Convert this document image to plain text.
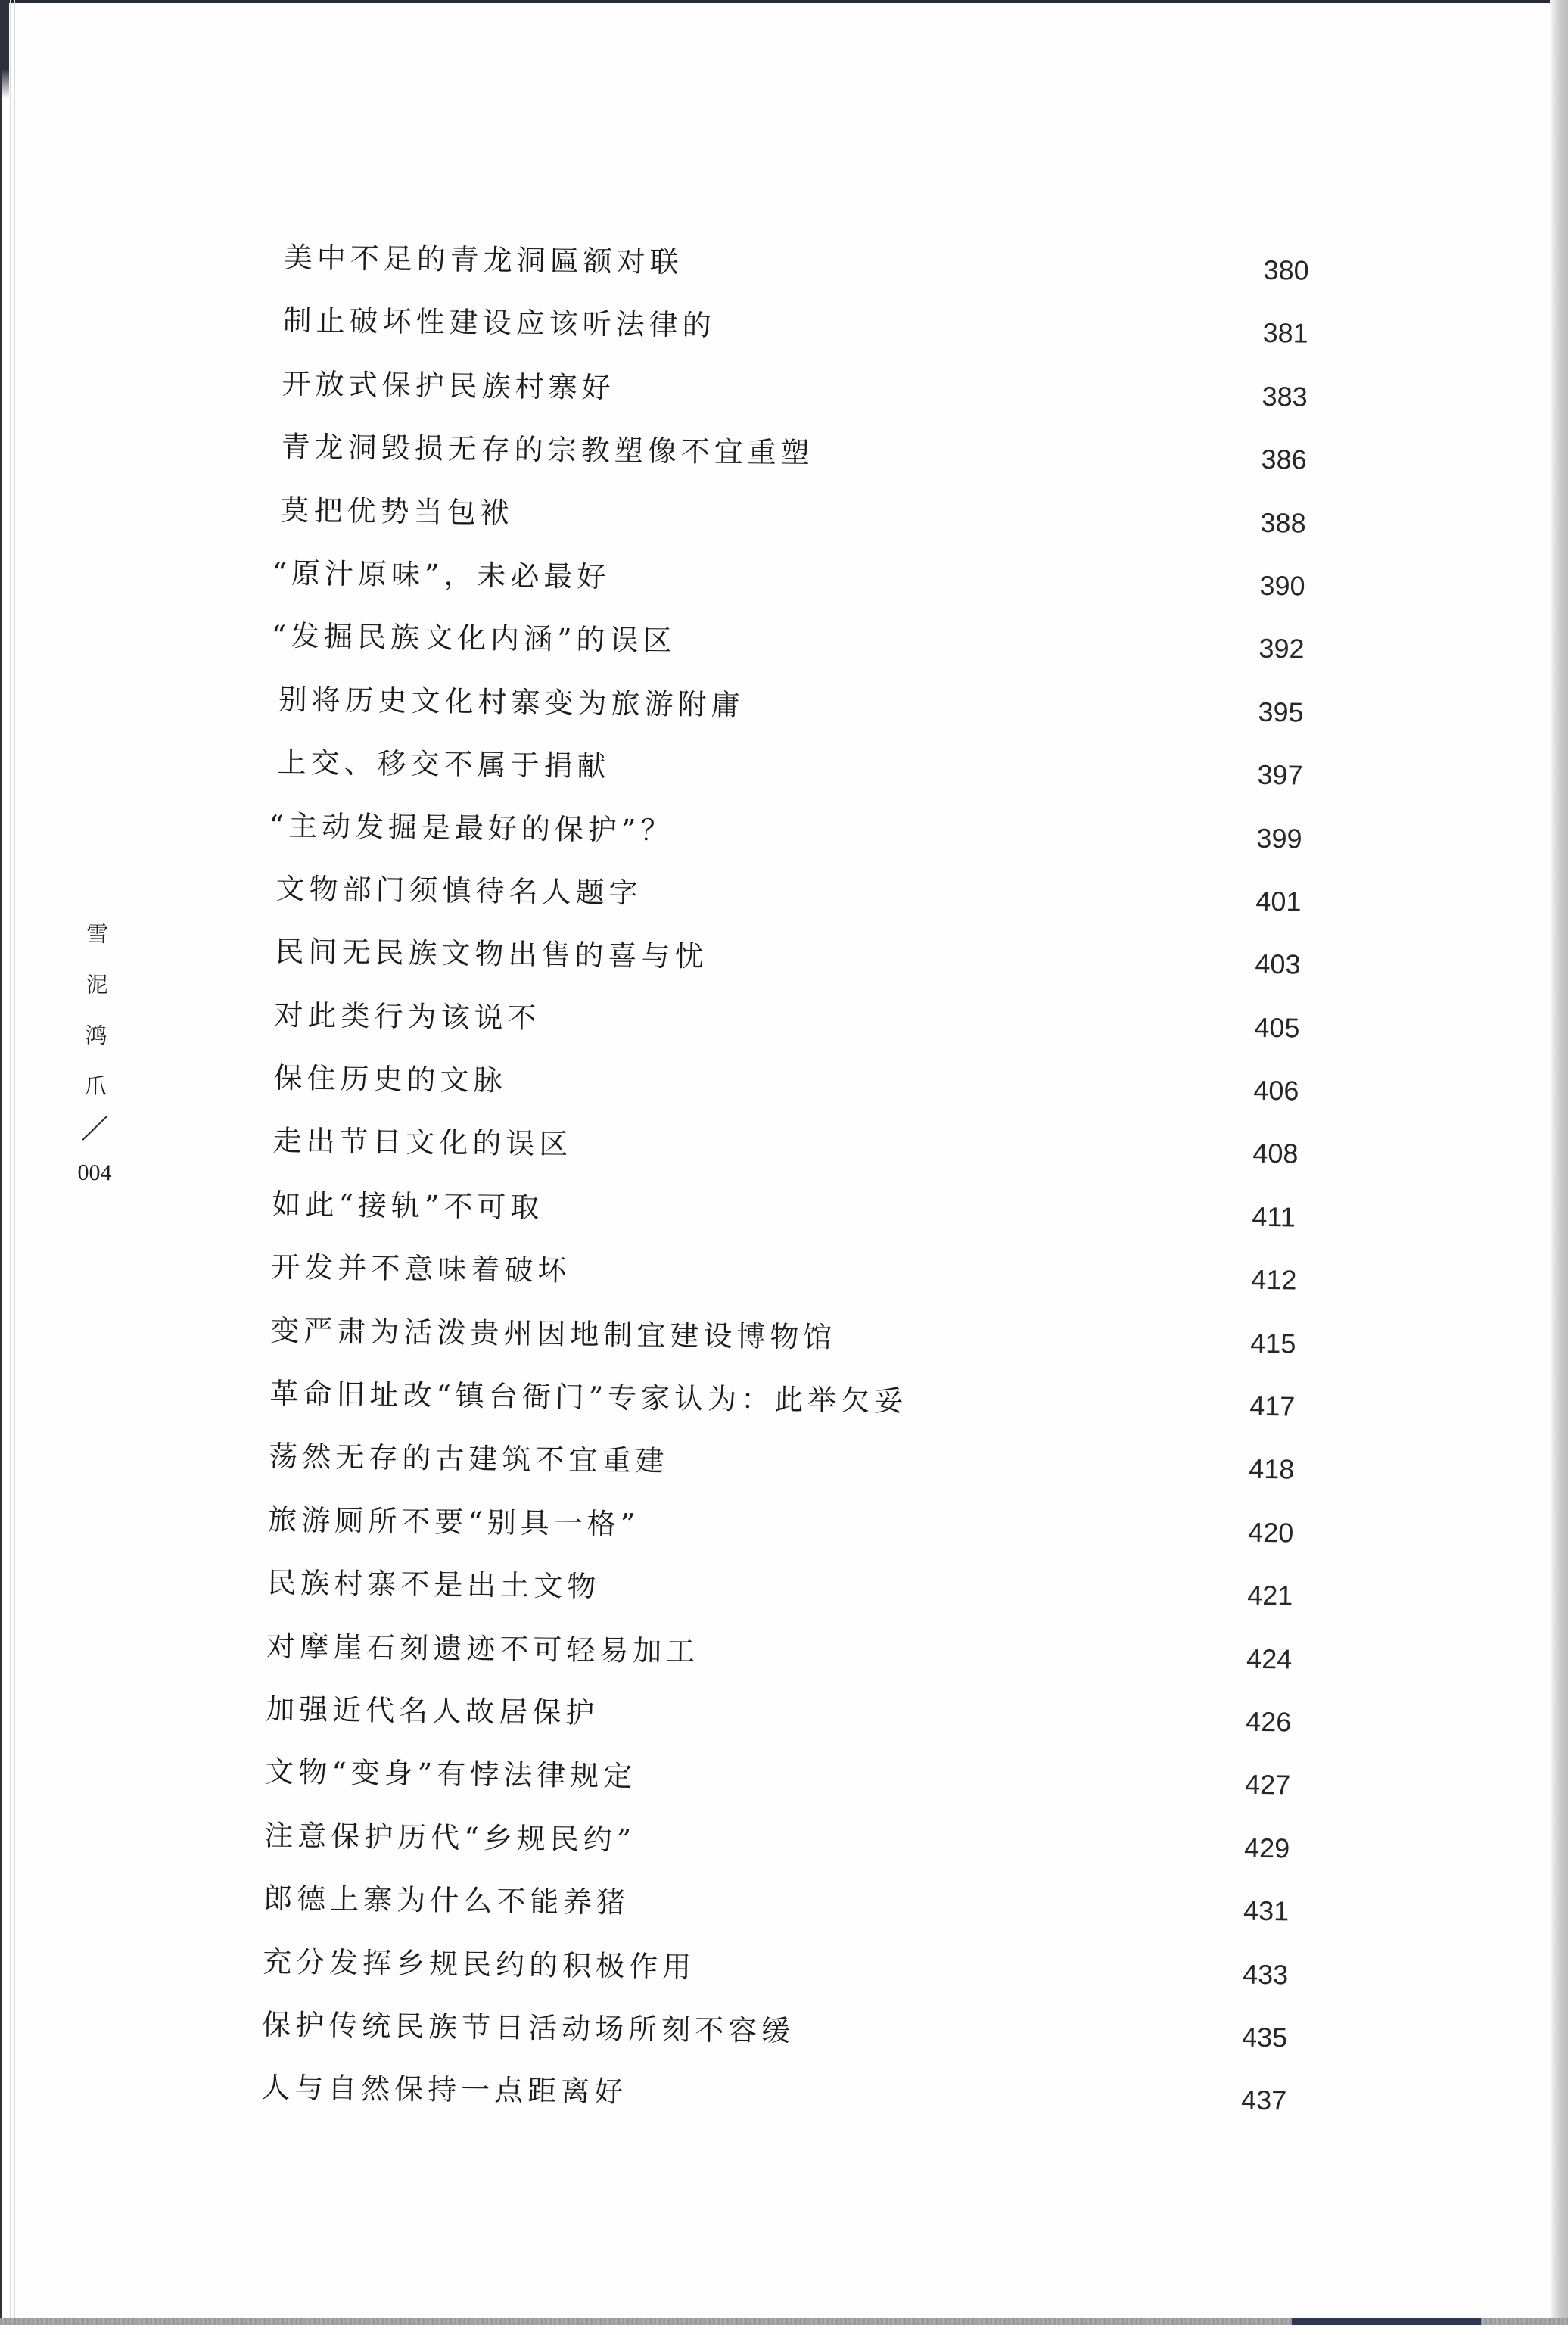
雪
泥
鸿
爪
004
美中不足的青龙洞匾额对联	380
制止破坏性建设应该听法律的	381
开放式保护民族村寨好	383
青龙洞毁损无存的宗教塑像不宜重塑	386
莫把优势当包袱	388
“原汁原味”，未必最好	390
“发掘民族文化内涵”的误区	392
别将历史文化村寨变为旅游附庸	395
上交、移交不属于捐献	397
“主动发掘是最好的保护”？	399
文物部门须慎待名人题字	401
民间无民族文物出售的喜与忧	403
对此类行为该说不	405
保住历史的文脉	406
走出节日文化的误区	408
如此“接轨”不可取	411
开发并不意味着破坏	412
变严肃为活泼贵州因地制宜建设博物馆	415
革命旧址改“镇台衙门”专家认为：此举欠妥	417
荡然无存的古建筑不宜重建	418
旅游厕所不要“别具一格”	420
民族村寨不是出土文物	421
对摩崖石刻遗迹不可轻易加工	424
加强近代名人故居保护	426
文物“变身”有悖法律规定	427
注意保护历代“乡规民约”	429
郎德上寨为什么不能养猪	431
充分发挥乡规民约的积极作用	433
保护传统民族节日活动场所刻不容缓	435
人与自然保持一点距离好	437
